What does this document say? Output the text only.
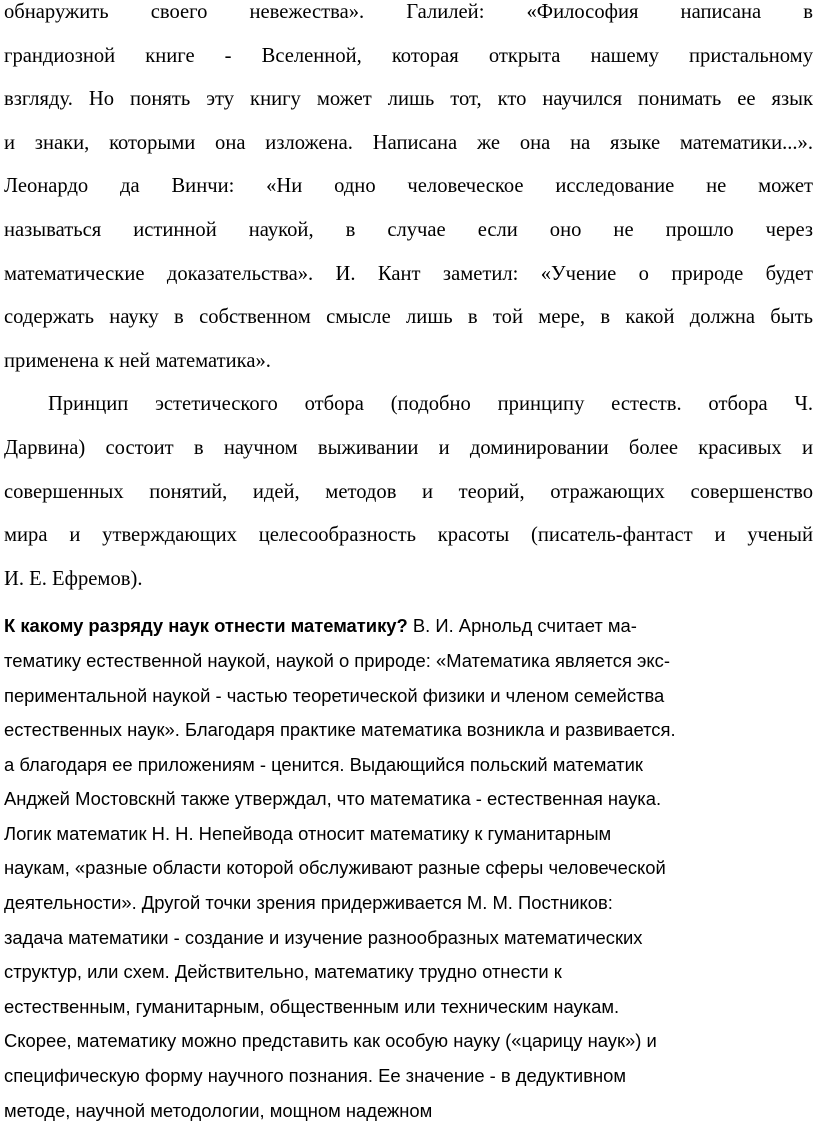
обнаружить своего невежества». Галилей: «Философия написана в
грандиозной книге - Вселенной, которая открыта нашему пристальному
взгляду. Но понять эту книгу может лишь тот, кто научился понимать ее язык
и знаки, которыми она изложена. Написана же она на языке математики...».
Леонардо да Винчи: «Ни одно человеческое исследование не может
называться истинной наукой, в случае если оно не прошло через
математические доказательства». И. Кант заметил: «Учение о природе будет
содержать науку в собственном смысле лишь в той мере, в какой должна быть
применена к ней математика».

Принцип эстетического отбора (подобно принципу естеств. отбора Ч.
Дарвина) состоит в научном выживании и доминировании более красивых и
совершенных понятий, идей, методов и теорий, отражающих совершенство
мира и утверждающих целесообразность красоты (писатель-фантаст и ученый
И. Е. Ефремов).

К какому разряду наук отнести математику? В. И. Арнольд считает ма-
тематику естественной наукой, наукой о природе: «Математика является экс-
периментальной наукой - частью теоретической физики и членом семейства
естественных наук». Благодаря практике математика возникла и развивается.
а благодаря ее приложениям - ценится. Выдающийся польский математик
Анджей Мостовскнй также утверждал, что математика - естественная наука.
Логик математик Н. Н. Непейвода относит математику к гуманитарным
наукам, «разные области которой обслуживают разные сферы человеческой
деятельности». Другой точки зрения придерживается М. М. Постников:
задача математики - создание и изучение разнообразных математических
структур, или схем. Действительно, математику трудно отнести к
естественным, гуманитарным, общественным или техническим наукам.
Скорее, математику можно представить как особую науку («царицу наук») и
специфическую форму научного познания. Ее значение - в дедуктивном
методе, научной методологии, мощном надежном
